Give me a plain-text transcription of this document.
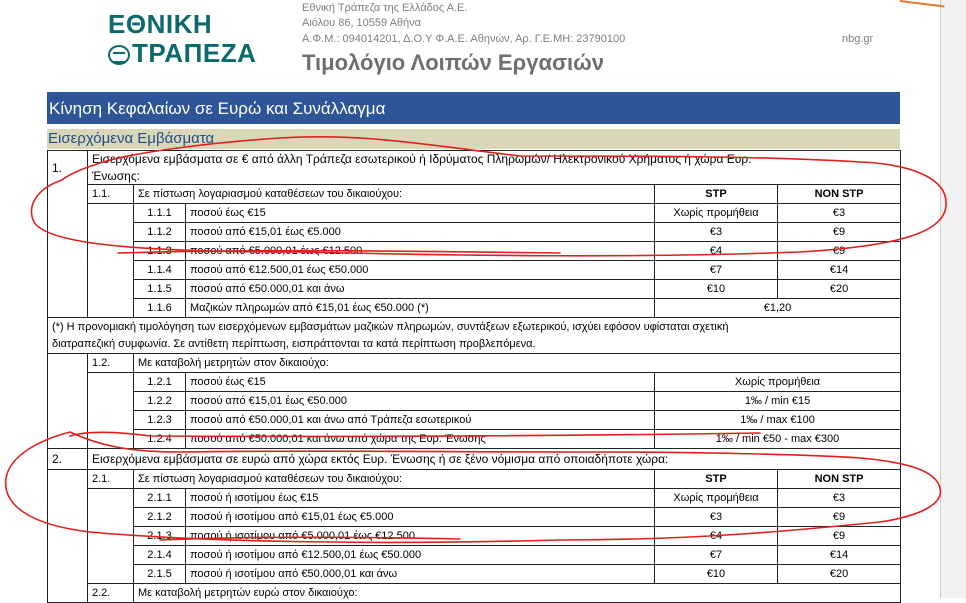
ΕΘΝΙΚΗ
ΤΡΑΠΕΖΑ
Εθνική Τράπεζα της Ελλάδος Α.Ε.
Αιόλου 86, 10559 Αθήνα
Α.Φ.Μ.: 094014201, Δ.Ο.Υ Φ.Α.Ε. Αθηνών, Αρ. Γ.Ε.ΜΗ: 23790100	nbg.gr
Τιμολόγιο Λοιπών Εργασιών
Κίνηση Κεφαλαίων σε Ευρώ και Συνάλλαγμα
Εισερχόμενα Εμβάσματα
1.	Εισερχόμενα εμβάσματα σε € από άλλη Τράπεζα εσωτερικού ή Ιδρύματος Πληρωμών/ Ηλεκτρονικού Χρήματος ή χώρα Ευρ.				
	Ένωσης:				
	1.1.	Σε πίστωση λογαριασμού καταθέσεων του δικαιούχου:		STP	NON STP
		1.1.1	ποσού έως €15	Χωρίς προμήθεια	€3
		1.1.2	ποσού από €15,01 έως €5.000	€3	€9
		1.1.3	ποσού από €5.000,01 έως €12.500	€4	€9
		1.1.4	ποσού από €12.500,01 έως €50.000	€7	€14
		1.1.5	ποσού από €50.000,01 και άνω	€10	€20
		1.1.6	Μαζικών πληρωμών από €15,01 έως €50.000 (*)	€1,20	

(*) Η προνομιακή τιμολόγηση των εισερχόμενων εμβασμάτων μαζικών πληρωμών, συντάξεων εξωτερικού, ισχύει εφόσον υφίσταται σχετική
διατραπεζική συμφωνία. Σε αντίθετη περίπτωση, εισπράττονται τα κατά περίπτωση προβλεπόμενα.					

	1.2.	Με καταβολή μετρητών στον δικαιούχο:			
		1.2.1	ποσού έως €15	Χωρίς προμήθεια	
		1.2.2	ποσού από €15,01 έως €50.000	1‰ / min €15	
		1.2.3	ποσού από €50.000,01 και άνω από Τράπεζα εσωτερικού	1‰ / max €100	
		1.2.4	ποσού από €50.000,01 και άνω από χώρα της Ευρ. Ένωσης	1‰ / min €50 - max €300	
2.	Εισερχόμενα εμβάσματα σε ευρώ από χώρα εκτός Ευρ. Ένωσης ή σε ξένο νόμισμα από οποιαδήποτε χώρα:				
	2.1.	Σε πίστωση λογαριασμού καταθέσεων του δικαιούχου:		STP	NON STP
		2.1.1	ποσού ή ισοτίμου έως €15	Χωρίς προμήθεια	€3
		2.1.2	ποσού ή ισοτίμου από €15,01 έως €5.000	€3	€9
		2.1.3	ποσού ή ισοτίμου από €5.000,01 έως €12.500	€4	€9
		2.1.4	ποσού ή ισοτίμου από €12.500,01 έως €50.000	€7	€14
		2.1.5	ποσού ή ισοτίμου από €50.000,01 και άνω	€10	€20
	2.2.	Με καταβολή μετρητών ευρώ στον δικαιούχο:			
